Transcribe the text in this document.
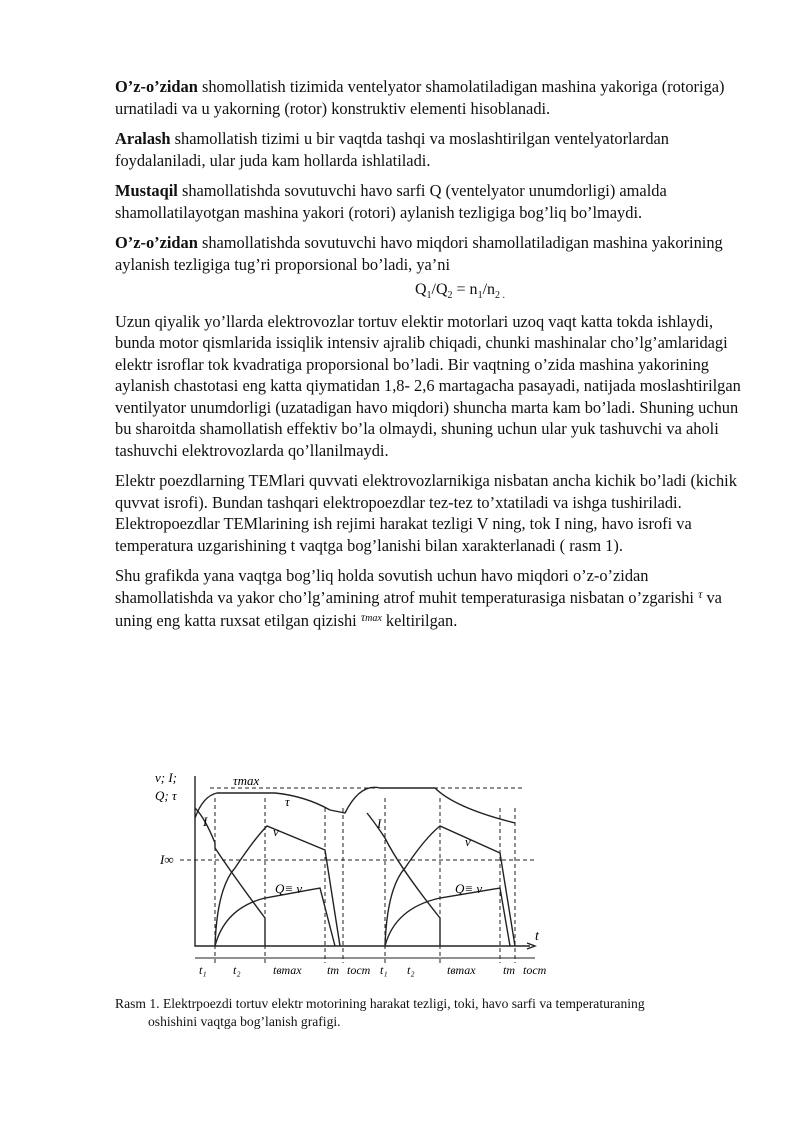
O’z-o’zidan shomollatish tizimida ventelyator shamolatiladigan mashina yakoriga (rotoriga) urnatiladi va u yakorning (rotor) konstruktiv elementi hisoblanadi.

Aralash shamollatish tizimi u bir vaqtda tashqi va moslashtirilgan ventelyatorlardan foydalaniladi, ular juda kam hollarda ishlatiladi.

Mustaqil shamollatishda sovutuvchi havo sarfi Q (ventelyator unumdorligi) amalda shamollatilayotgan mashina yakori (rotori) aylanish tezligiga bog’liq bo’lmaydi.

O’z-o’zidan shamollatishda sovutuvchi havo miqdori shamollatiladigan mashina yakorining aylanish tezligiga tug’ri proporsional bo’ladi, ya’ni

$Q_1/Q_2 = n_1/n_{2 .}$

Uzun qiyalik yo’llarda elektrovozlar tortuv elektir motorlari uzoq vaqt katta tokda ishlaydi, bunda motor qismlarida issiqlik intensiv ajralib chiqadi, chunki mashinalar cho’lg’amlaridagi elektr isroflar tok kvadratiga proporsional bo’ladi. Bir vaqtning o’zida mashina yakorining aylanish chastotasi eng katta qiymatidan 1,8- 2,6 martagacha pasayadi, natijada moslashtirilgan ventilyator unumdorligi (uzatadigan havo miqdori) shuncha marta kam bo’ladi. Shuning uchun bu sharoitda shamollatish effektiv bo’la olmaydi, shuning uchun ular yuk tashuvchi va aholi tashuvchi elektrovozlarda qo’llanilmaydi.

Elektr poezdlarning TEMlari quvvati elektrovozlarnikiga nisbatan ancha kichik bo’ladi (kichik quvvat isrofi). Bundan tashqari elektropoezdlar tez-tez to’xtatiladi va ishga tushiriladi. Elektropoezdlar TEMlarining ish rejimi harakat tezligi V ning, tok I ning, havo isrofi va temperatura uzgarishining t vaqtga bog’lanishi bilan xarakterlanadi ( rasm 1).

Shu grafikda yana vaqtga bog’liq holda sovutish uchun havo miqdori o’z-o’zidan shamollatishda va yakor cho’lg’amining atrof muhit temperaturasiga nisbatan o’zgarishi $^\tau$ va uning eng katta ruxsat etilgan qizishi $^{\tau max}$ keltirilgan.

v; I;
Q; τ
τmax
τ
I
v
Q≡ v
I∞
I
v
Q≡ v
t
t₁ t₂	tвmax tт tост t₁ t₂	tвmax tт tост
Rasm 1. Elektrpoezdi tortuv elektr motorining harakat tezligi, toki, havo sarfi va temperaturaning
oshishini vaqtga bog’lanish grafigi.
